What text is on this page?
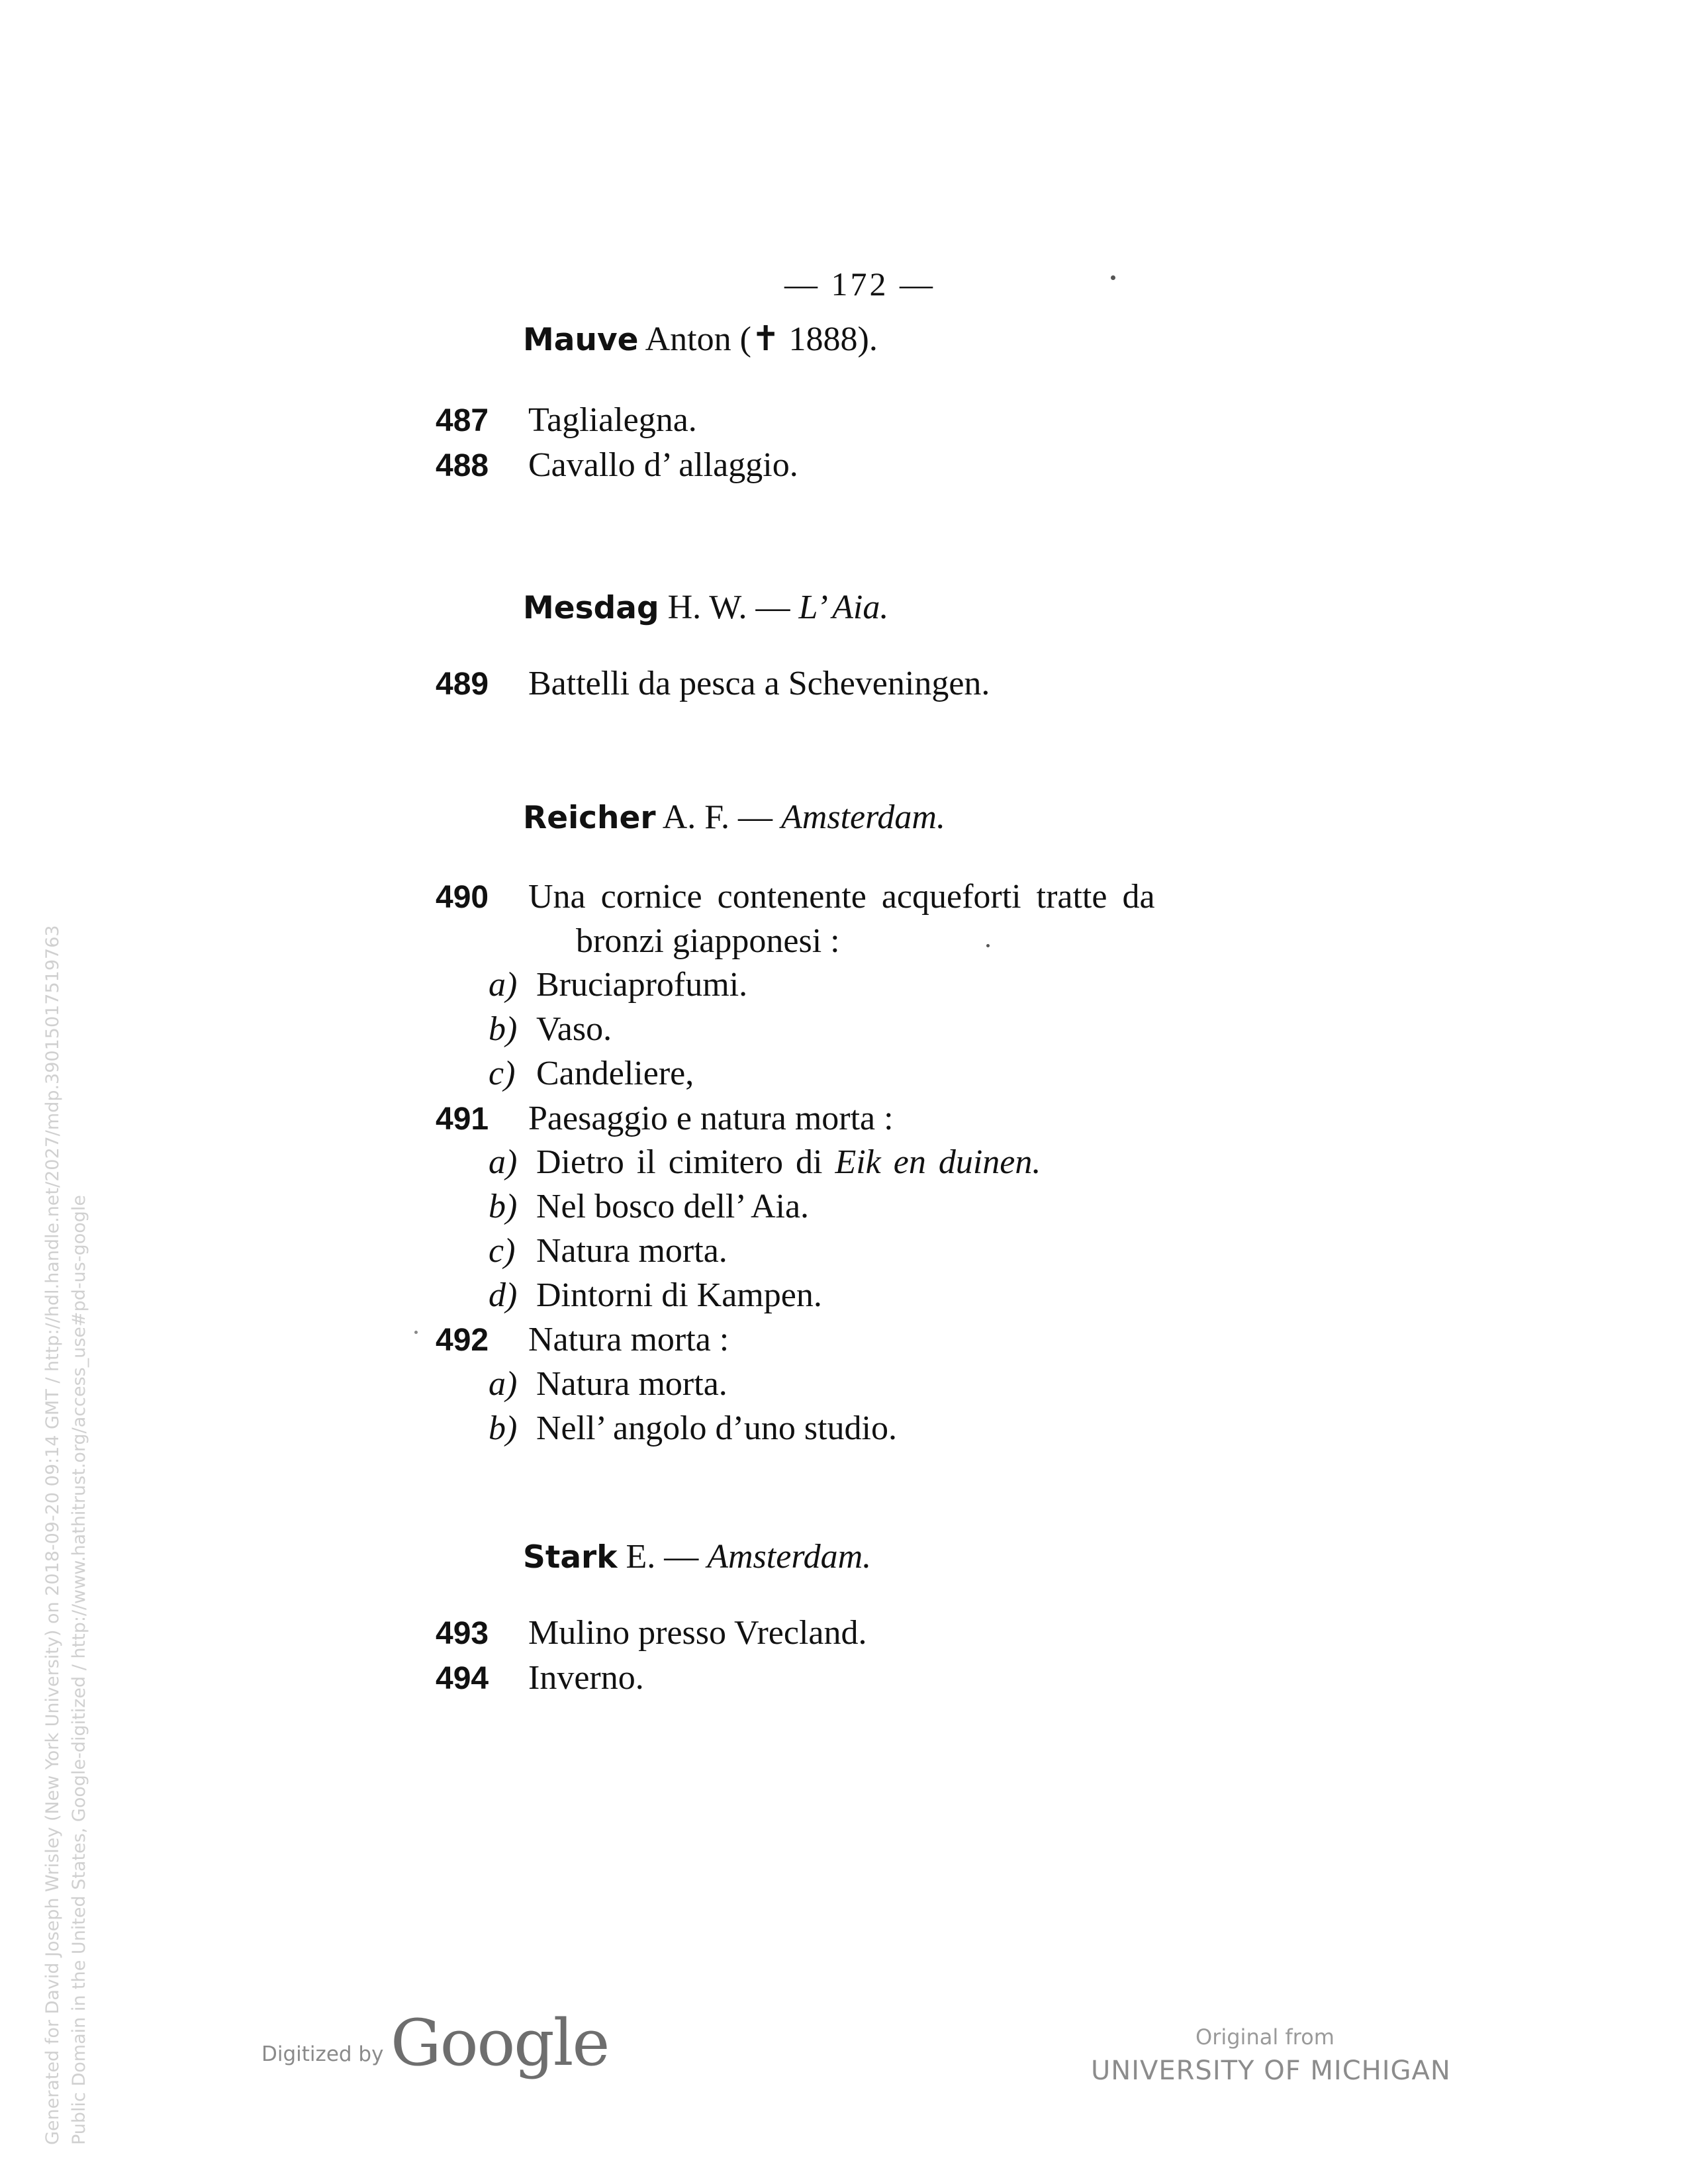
— 172 —
Mauve Anton (✝ 1888).
487 Taglialegna.
488 Cavallo d’ allaggio.
Mesdag H. W. — L’ Aia.
489 Battelli da pesca a Scheveningen.
Reicher A. F. — Amsterdam.
490 Una cornice contenente acqueforti tratte da
bronzi giapponesi :
a) Bruciaprofumi.
b) Vaso.
c) Candeliere,
491 Paesaggio e natura morta :
a) Dietro il cimitero di Eik en duinen.
b) Nel bosco dell’ Aia.
c) Natura morta.
d) Dintorni di Kampen.
492 Natura morta :
a) Natura morta.
b) Nell’ angolo d’uno studio.
Stark E. — Amsterdam.
493 Mulino presso Vrecland.
494 Inverno.
Generated for David Joseph Wrisley (New York University) on 2018-09-20 09:14 GMT / http://hdl.handle.net/2027/mdp.39015017519763 Public Domain in the United States, Google-digitized / http://www.hathitrust.org/access_use#pd-us-google	Digitized by Google	Original from
UNIVERSITY OF MICHIGAN
